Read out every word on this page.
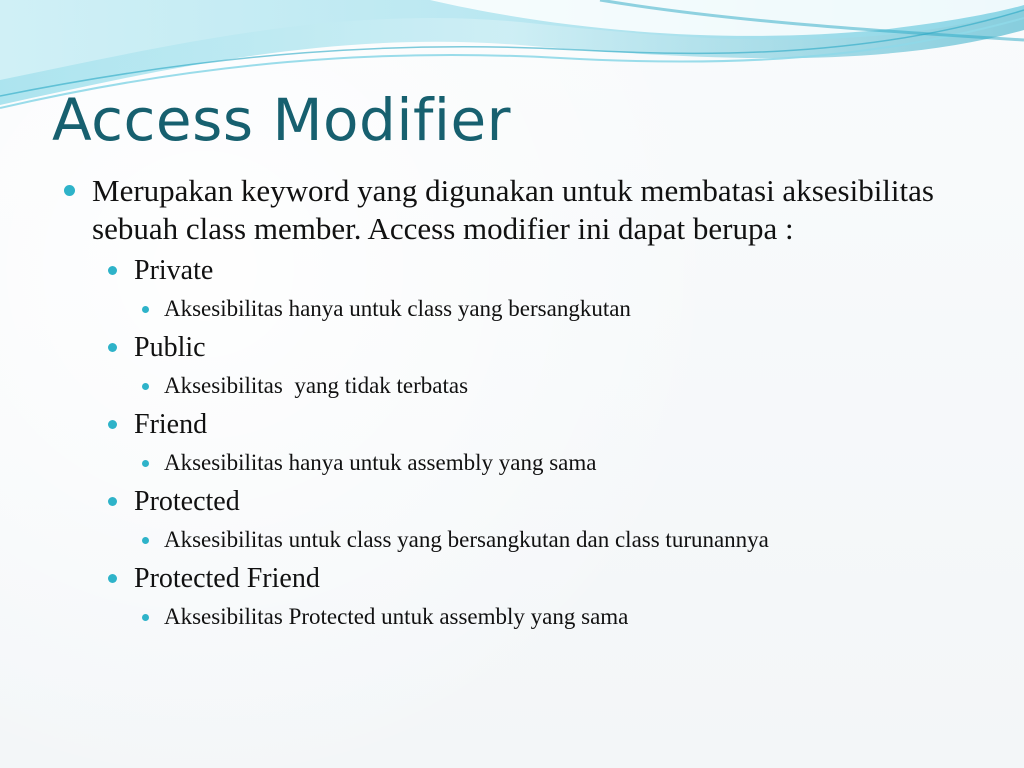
Access Modifier
Merupakan keyword yang digunakan untuk membatasi aksesibilitas sebuah class member. Access modifier ini dapat berupa :
Private
Aksesibilitas hanya untuk class yang bersangkutan
Public
Aksesibilitas  yang tidak terbatas
Friend
Aksesibilitas hanya untuk assembly yang sama
Protected
Aksesibilitas untuk class yang bersangkutan dan class turunannya
Protected Friend
Aksesibilitas Protected untuk assembly yang sama
